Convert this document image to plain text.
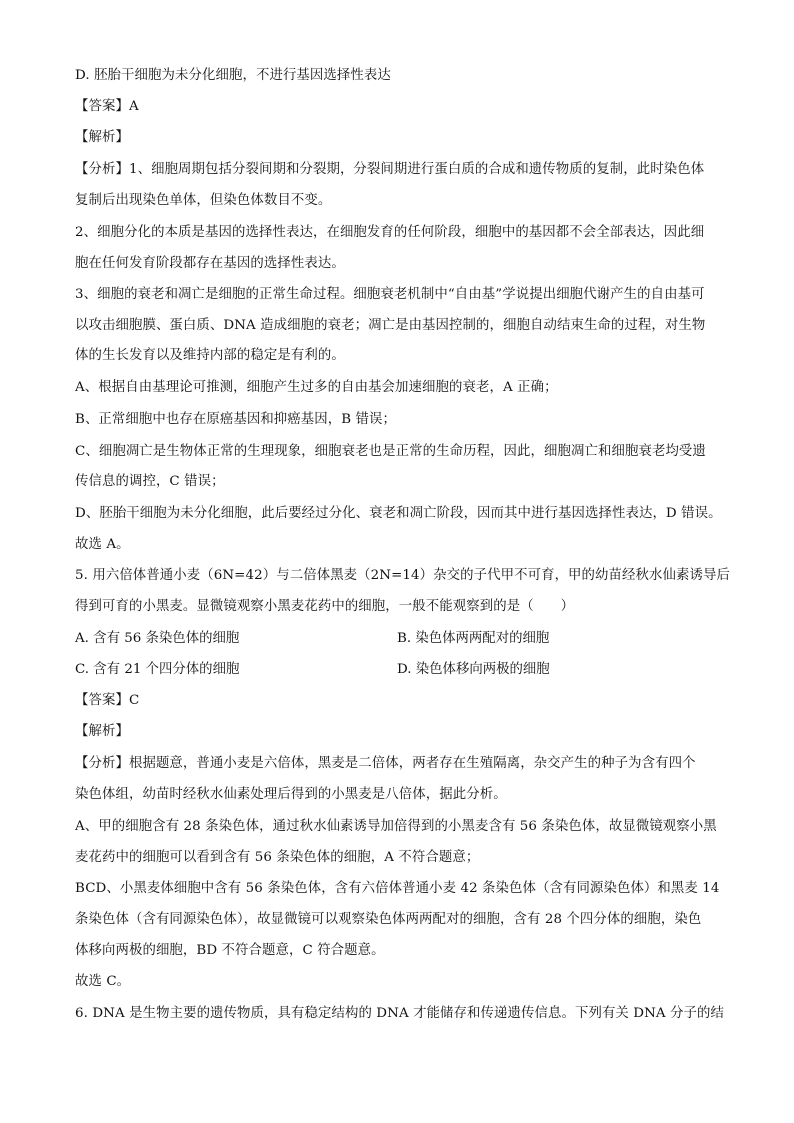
D. 胚胎干细胞为未分化细胞，不进行基因选择性表达
【答案】A
【解析】
【分析】1、细胞周期包括分裂间期和分裂期，分裂间期进行蛋白质的合成和遗传物质的复制，此时染色体
复制后出现染色单体，但染色体数目不变。
2、细胞分化的本质是基因的选择性表达，在细胞发育的任何阶段，细胞中的基因都不会全部表达，因此细
胞在任何发育阶段都存在基因的选择性表达。
3、细胞的衰老和凋亡是细胞的正常生命过程。细胞衰老机制中“自由基”学说提出细胞代谢产生的自由基可
以攻击细胞膜、蛋白质、DNA 造成细胞的衰老；凋亡是由基因控制的，细胞自动结束生命的过程，对生物
体的生长发育以及维持内部的稳定是有利的。
A、根据自由基理论可推测，细胞产生过多的自由基会加速细胞的衰老，A 正确；
B、正常细胞中也存在原癌基因和抑癌基因，B 错误；
C、细胞凋亡是生物体正常的生理现象，细胞衰老也是正常的生命历程，因此，细胞凋亡和细胞衰老均受遗
传信息的调控，C 错误；
D、胚胎干细胞为未分化细胞，此后要经过分化、衰老和凋亡阶段，因而其中进行基因选择性表达，D 错误。
故选 A。
5. 用六倍体普通小麦（6N=42）与二倍体黑麦（2N=14）杂交的子代甲不可育，甲的幼苗经秋水仙素诱导后
得到可育的小黑麦。显微镜观察小黑麦花药中的细胞，一般不能观察到的是（　　）
A. 含有 56 条染色体的细胞	B. 染色体两两配对的细胞
C. 含有 21 个四分体的细胞	D. 染色体移向两极的细胞
【答案】C
【解析】
【分析】根据题意，普通小麦是六倍体，黑麦是二倍体，两者存在生殖隔离，杂交产生的种子为含有四个
染色体组，幼苗时经秋水仙素处理后得到的小黑麦是八倍体，据此分析。
A、甲的细胞含有 28 条染色体，通过秋水仙素诱导加倍得到的小黑麦含有 56 条染色体，故显微镜观察小黑
麦花药中的细胞可以看到含有 56 条染色体的细胞，A 不符合题意；
BCD、小黑麦体细胞中含有 56 条染色体，含有六倍体普通小麦 42 条染色体（含有同源染色体）和黑麦 14
条染色体（含有同源染色体），故显微镜可以观察染色体两两配对的细胞，含有 28 个四分体的细胞，染色
体移向两极的细胞，BD 不符合题意，C 符合题意。
故选 C。
6. DNA 是生物主要的遗传物质，具有稳定结构的 DNA 才能储存和传递遗传信息。下列有关 DNA 分子的结
